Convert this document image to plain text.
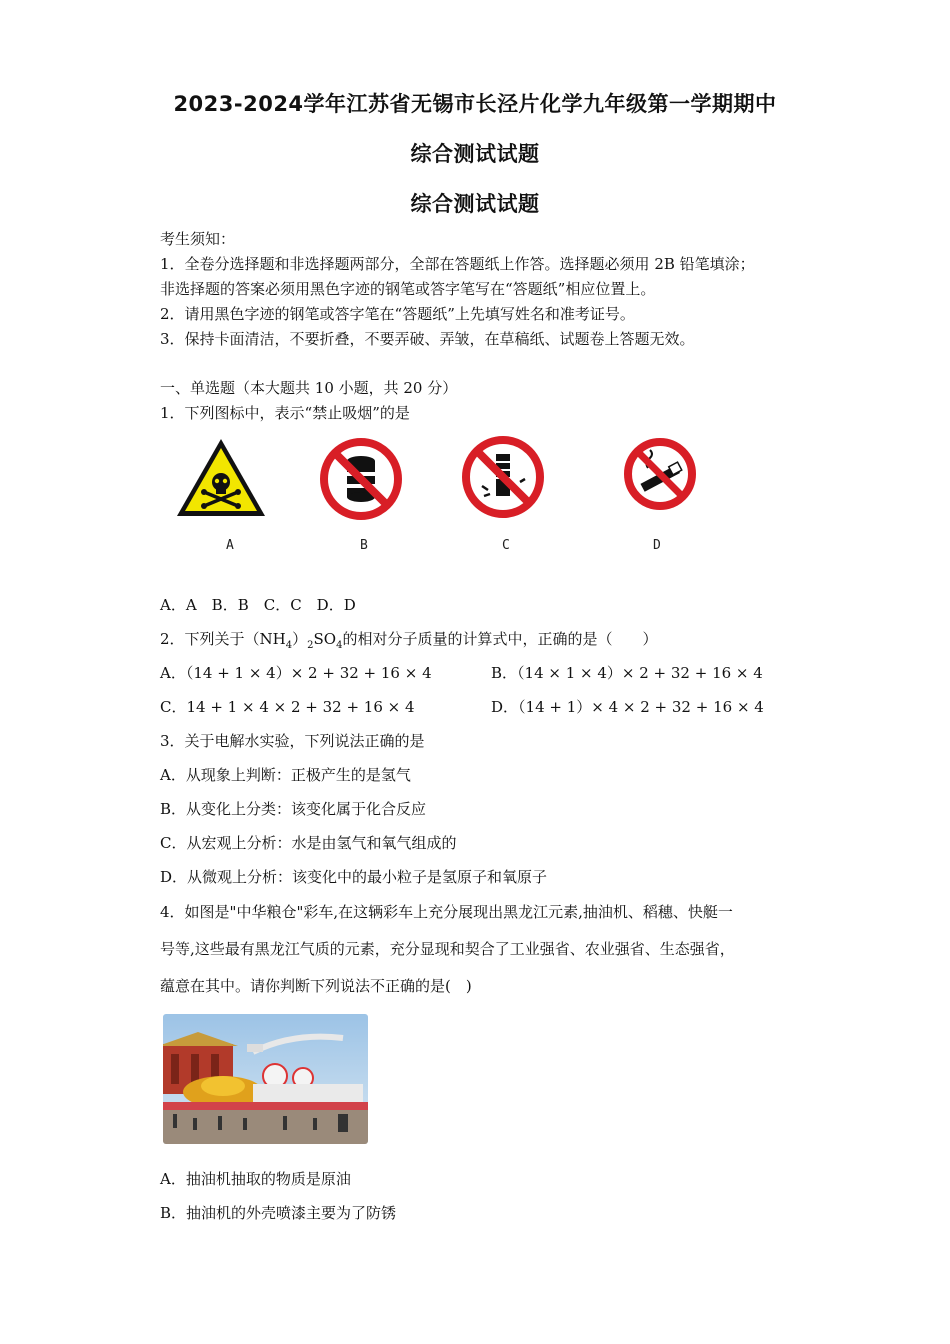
2023-2024学年江苏省无锡市长泾片化学九年级第一学期期中
综合测试试题
综合测试试题
考生须知：
1．全卷分选择题和非选择题两部分，全部在答题纸上作答。选择题必须用 2B 铅笔填涂；
非选择题的答案必须用黑色字迹的钢笔或答字笔写在“答题纸”相应位置上。
2．请用黑色字迹的钢笔或答字笔在“答题纸”上先填写姓名和准考证号。
3．保持卡面清洁，不要折叠，不要弄破、弄皱，在草稿纸、试题卷上答题无效。
一、单选题（本大题共 10 小题，共 20 分）
1．下列图标中，表示“禁止吸烟”的是
A	B	C	D
A．A　B．B　C．C　D．D
2．下列关于$(NH_4)_2SO_4$的相对分子质量的计算式中，正确的是（　　）
A．（14 + 1 × 4）× 2 + 32 + 16 × 4	B．（14 × 1 × 4）× 2 + 32 + 16 × 4
C．14 + 1 × 4 × 2 + 32 + 16 × 4	D．（14 + 1）× 4 × 2 + 32 + 16 × 4
3．关于电解水实验，下列说法正确的是
A．从现象上判断：正极产生的是氢气
B．从变化上分类：该变化属于化合反应
C．从宏观上分析：水是由氢气和氧气组成的
D．从微观上分析：该变化中的最小粒子是氢原子和氧原子
4．如图是"中华粮仓"彩车,在这辆彩车上充分展现出黑龙江元素,抽油机、稻穗、快艇一
号等,这些最有黑龙江气质的元素，充分显现和契合了工业强省、农业强省、生态强省，
蕴意在其中。请你判断下列说法不正确的是(　)
A．抽油机抽取的物质是原油
B．抽油机的外壳喷漆主要为了防锈
